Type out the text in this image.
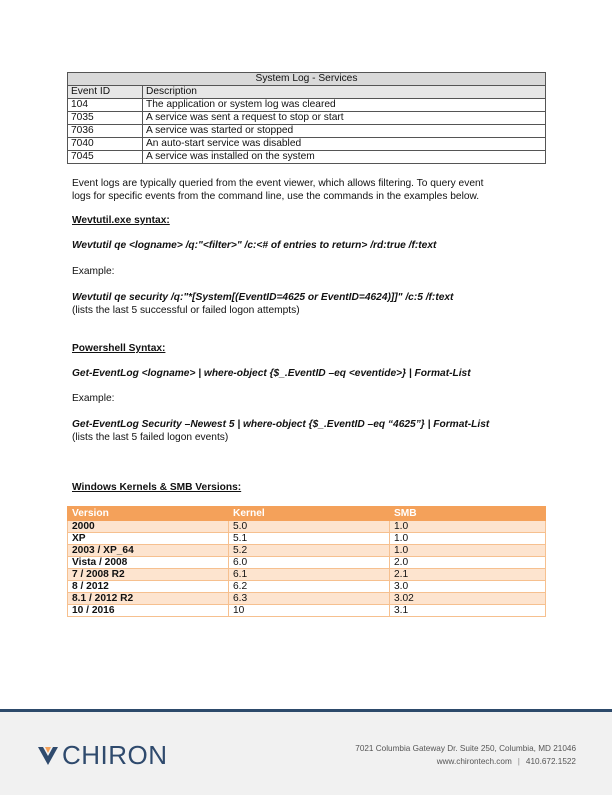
System Log - Services	
Event ID	Description
104	The application or system log was cleared
7035	A service was sent a request to stop or start
7036	A service was started or stopped
7040	An auto-start service was disabled
7045	A service was installed on the system

Event logs are typically queried from the event viewer, which allows filtering. To query event

logs for specific events from the command line, use the commands in the examples below.

Wevtutil.exe syntax:

Wevtutil qe <logname> /q:"<filter>" /c:<# of entries to return> /rd:true /f:text

Example:

Wevtutil qe security /q:"*[System[(EventID=4625 or EventID=4624)]]" /c:5 /f:text

(lists the last 5 successful or failed logon attempts)

Powershell Syntax:

Get-EventLog <logname> | where-object {$_.EventID –eq <eventide>} | Format-List

Example:

Get-EventLog Security –Newest 5 | where-object {$_.EventID –eq “4625”} | Format-List

(lists the last 5 failed logon events)

Windows Kernels & SMB Versions:

Version	Kernel	SMB
2000	5.0	1.0
XP	5.1	1.0
2003 / XP_64	5.2	1.0
Vista / 2008	6.0	2.0
7 / 2008 R2	6.1	2.1
8 / 2012	6.2	3.0
8.1 / 2012 R2	6.3	3.02
10 / 2016	10	3.1
CHIRON	7021 Columbia Gateway Dr. Suite 250, Columbia, MD 21046
www.chirontech.com | 410.672.1522
